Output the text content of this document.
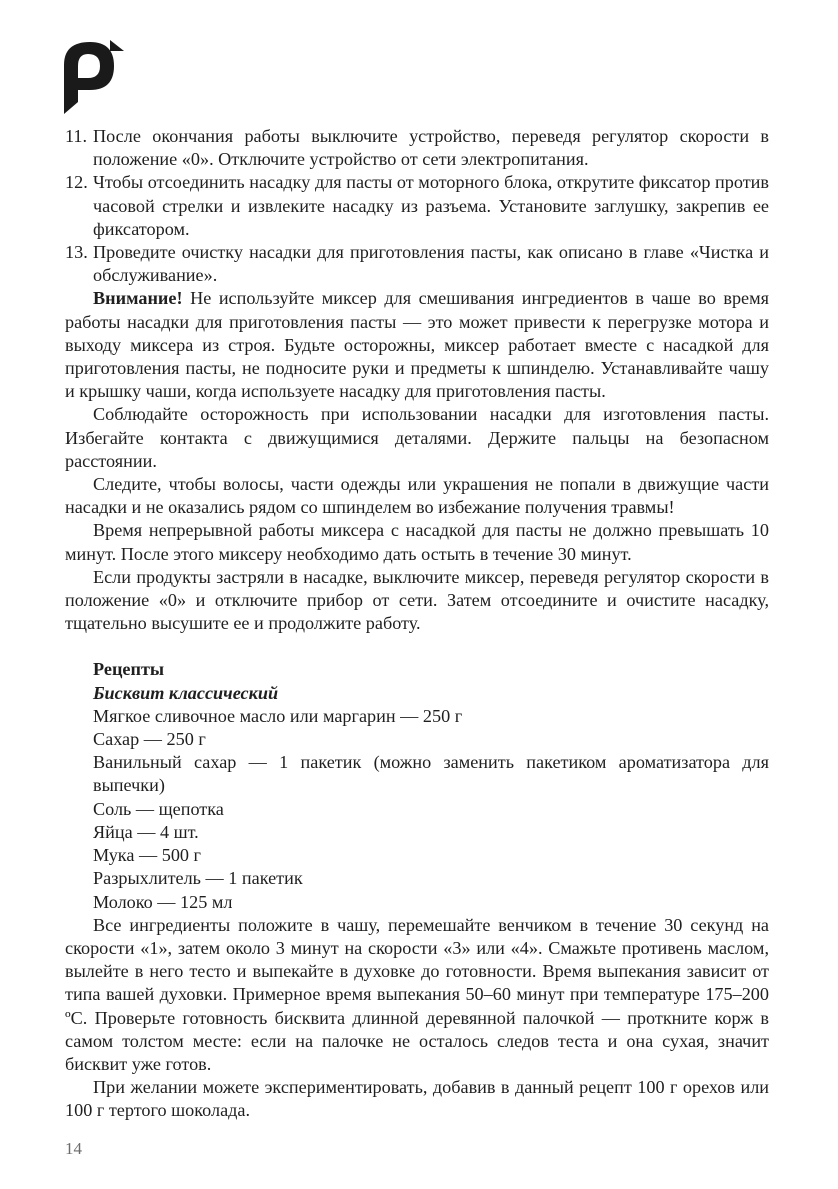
11. После окончания работы выключите устройство, переведя регулятор скорости в положение «0». Отключите устройство от сети электропитания.
12. Чтобы отсоединить насадку для пасты от моторного блока, открутите фиксатор против часовой стрелки и извлеките насадку из разъема. Установите заглушку, закрепив ее фиксатором.
13. Проведите очистку насадки для приготовления пасты, как описано в главе «Чистка и обслуживание».

Внимание! Не используйте миксер для смешивания ингредиентов в чаше во время работы насадки для приготовления пасты — это может привести к перегрузке мотора и выходу миксера из строя. Будьте осторожны, миксер работает вместе с насадкой для приготовления пасты, не подносите руки и предметы к шпинделю. Устанавливайте чашу и крышку чаши, когда используете насадку для приготовления пасты.

Соблюдайте осторожность при использовании насадки для изготовления пасты. Избегайте контакта с движущимися деталями. Держите пальцы на безопасном расстоянии.

Следите, чтобы волосы, части одежды или украшения не попали в движущие части насадки и не оказались рядом со шпинделем во избежание получения травмы!

Время непрерывной работы миксера с насадкой для пасты не должно превышать 10 минут. После этого миксеру необходимо дать остыть в течение 30 минут.

Если продукты застряли в насадке, выключите миксер, переведя регулятор скорости в положение «0» и отключите прибор от сети. Затем отсоедините и очистите насадку, тщательно высушите ее и продолжите работу.

Рецепты

Бисквит классический

Мягкое сливочное масло или маргарин — 250 г

Сахар — 250 г

Ванильный сахар — 1 пакетик (можно заменить пакетиком ароматизатора для выпечки)

Соль — щепотка

Яйца — 4 шт.

Мука — 500 г

Разрыхлитель — 1 пакетик

Молоко — 125 мл

Все ингредиенты положите в чашу, перемешайте венчиком в течение 30 секунд на скорости «1», затем около 3 минут на скорости «3» или «4». Смажьте противень маслом, вылейте в него тесто и выпекайте в духовке до готовности. Время выпекания зависит от типа вашей духовки. Примерное время выпекания 50–60 минут при температуре 175–200 ºС. Проверьте готовность бисквита длинной деревянной палочкой — проткните корж в самом толстом месте: если на палочке не осталось следов теста и она сухая, значит бисквит уже готов.

При желании можете экспериментировать, добавив в данный рецепт 100 г орехов или 100 г тертого шоколада.

14
